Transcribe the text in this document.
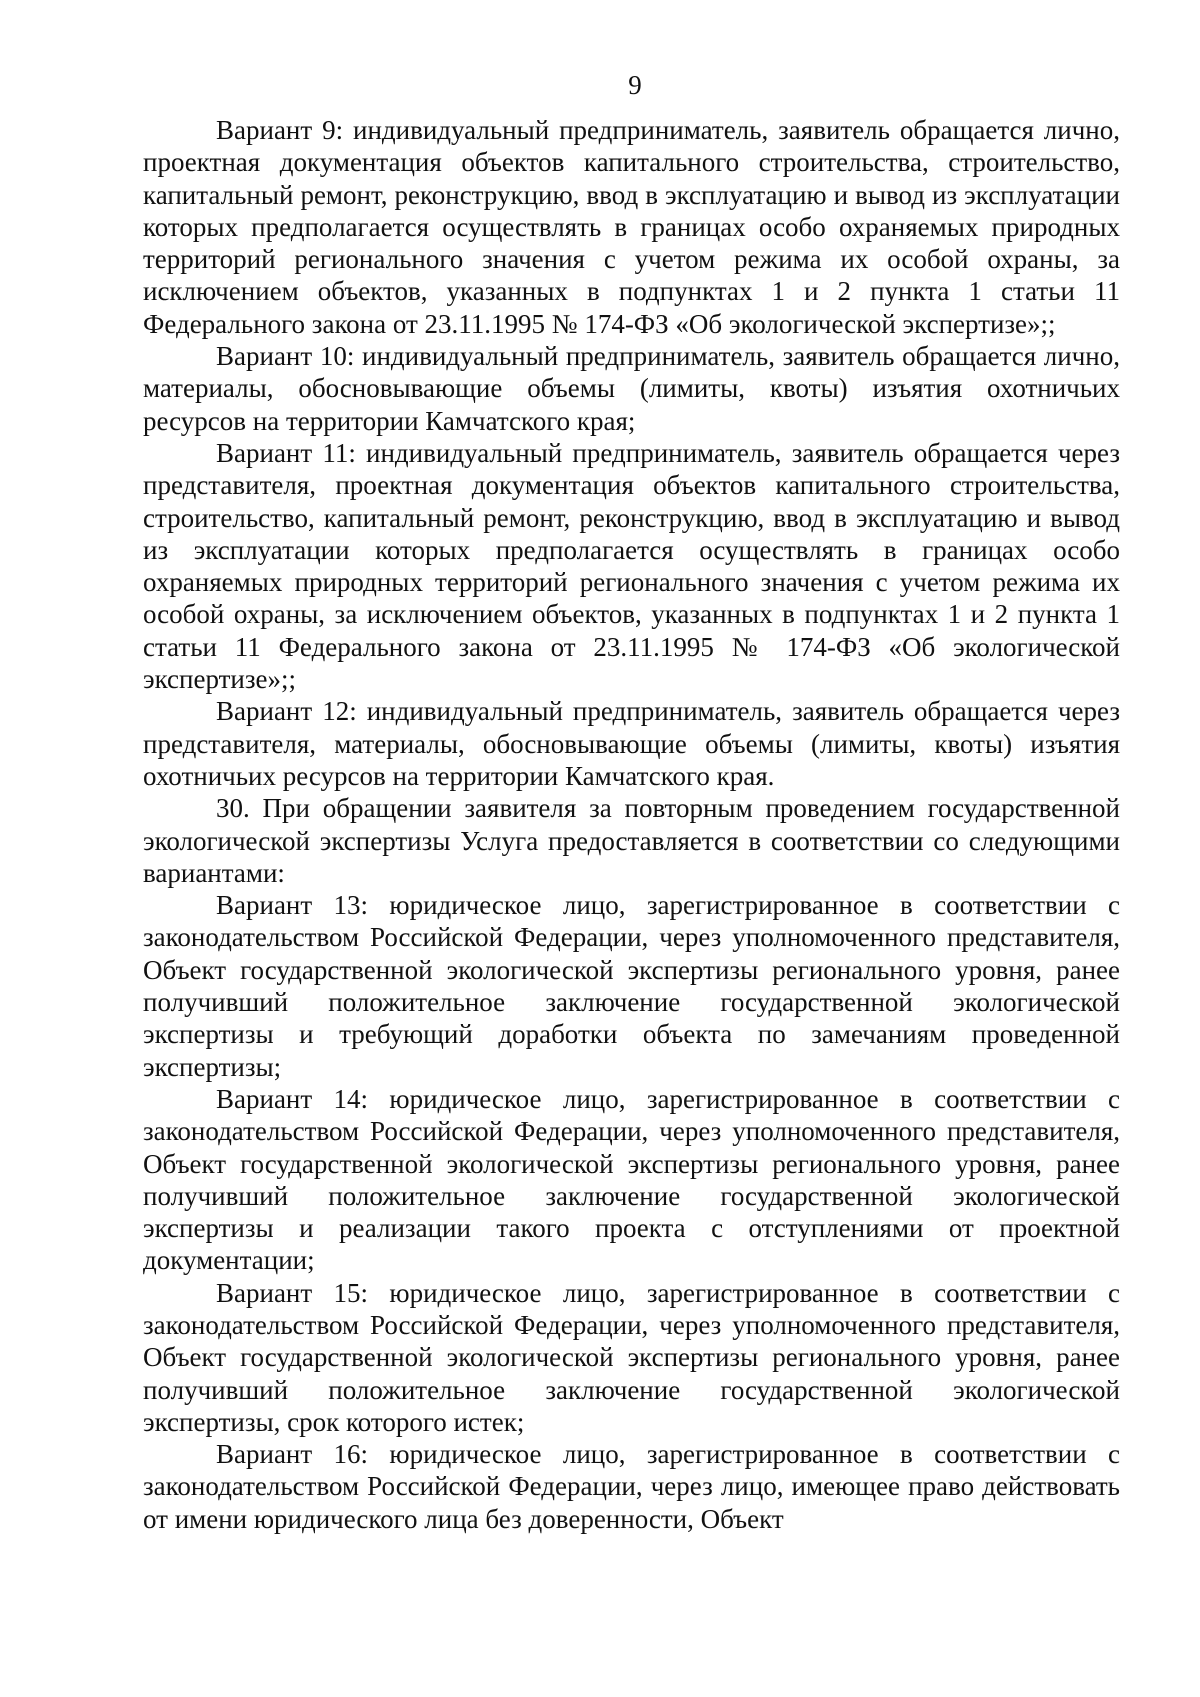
9

Вариант 9: индивидуальный предприниматель, заявитель обращается лично, проектная документация объектов капитального строительства, строительство, капитальный ремонт, реконструкцию, ввод в эксплуатацию и вывод из эксплуатации которых предполагается осуществлять в границах особо охраняемых природных территорий регионального значения с учетом режима их особой охраны, за исключением объектов, указанных в подпунктах 1 и 2 пункта 1 статьи 11 Федерального закона от 23.11.1995 № 174-ФЗ «Об экологической экспертизе»;;

Вариант 10: индивидуальный предприниматель, заявитель обращается лично, материалы, обосновывающие объемы (лимиты, квоты) изъятия охотничьих ресурсов на территории Камчатского края;

Вариант 11: индивидуальный предприниматель, заявитель обращается через представителя, проектная документация объектов капитального строительства, строительство, капитальный ремонт, реконструкцию, ввод в эксплуатацию и вывод из эксплуатации которых предполагается осуществлять в границах особо охраняемых природных территорий регионального значения с учетом режима их особой охраны, за исключением объектов, указанных в подпунктах 1 и 2 пункта 1 статьи 11 Федерального закона от 23.11.1995 № 174-ФЗ «Об экологической экспертизе»;;

Вариант 12: индивидуальный предприниматель, заявитель обращается через представителя, материалы, обосновывающие объемы (лимиты, квоты) изъятия охотничьих ресурсов на территории Камчатского края.

30. При обращении заявителя за повторным проведением государственной экологической экспертизы Услуга предоставляется в соответствии со следующими вариантами:

Вариант 13: юридическое лицо, зарегистрированное в соответствии с законодательством Российской Федерации, через уполномоченного представителя, Объект государственной экологической экспертизы регионального уровня, ранее получивший положительное заключение государственной экологической экспертизы и требующий доработки объекта по замечаниям проведенной экспертизы;

Вариант 14: юридическое лицо, зарегистрированное в соответствии с законодательством Российской Федерации, через уполномоченного представителя, Объект государственной экологической экспертизы регионального уровня, ранее получивший положительное заключение государственной экологической экспертизы и реализации такого проекта с отступлениями от проектной документации;

Вариант 15: юридическое лицо, зарегистрированное в соответствии с законодательством Российской Федерации, через уполномоченного представителя, Объект государственной экологической экспертизы регионального уровня, ранее получивший положительное заключение государственной экологической экспертизы, срок которого истек;

Вариант 16: юридическое лицо, зарегистрированное в соответствии с законодательством Российской Федерации, через лицо, имеющее право действовать от имени юридического лица без доверенности, Объект
